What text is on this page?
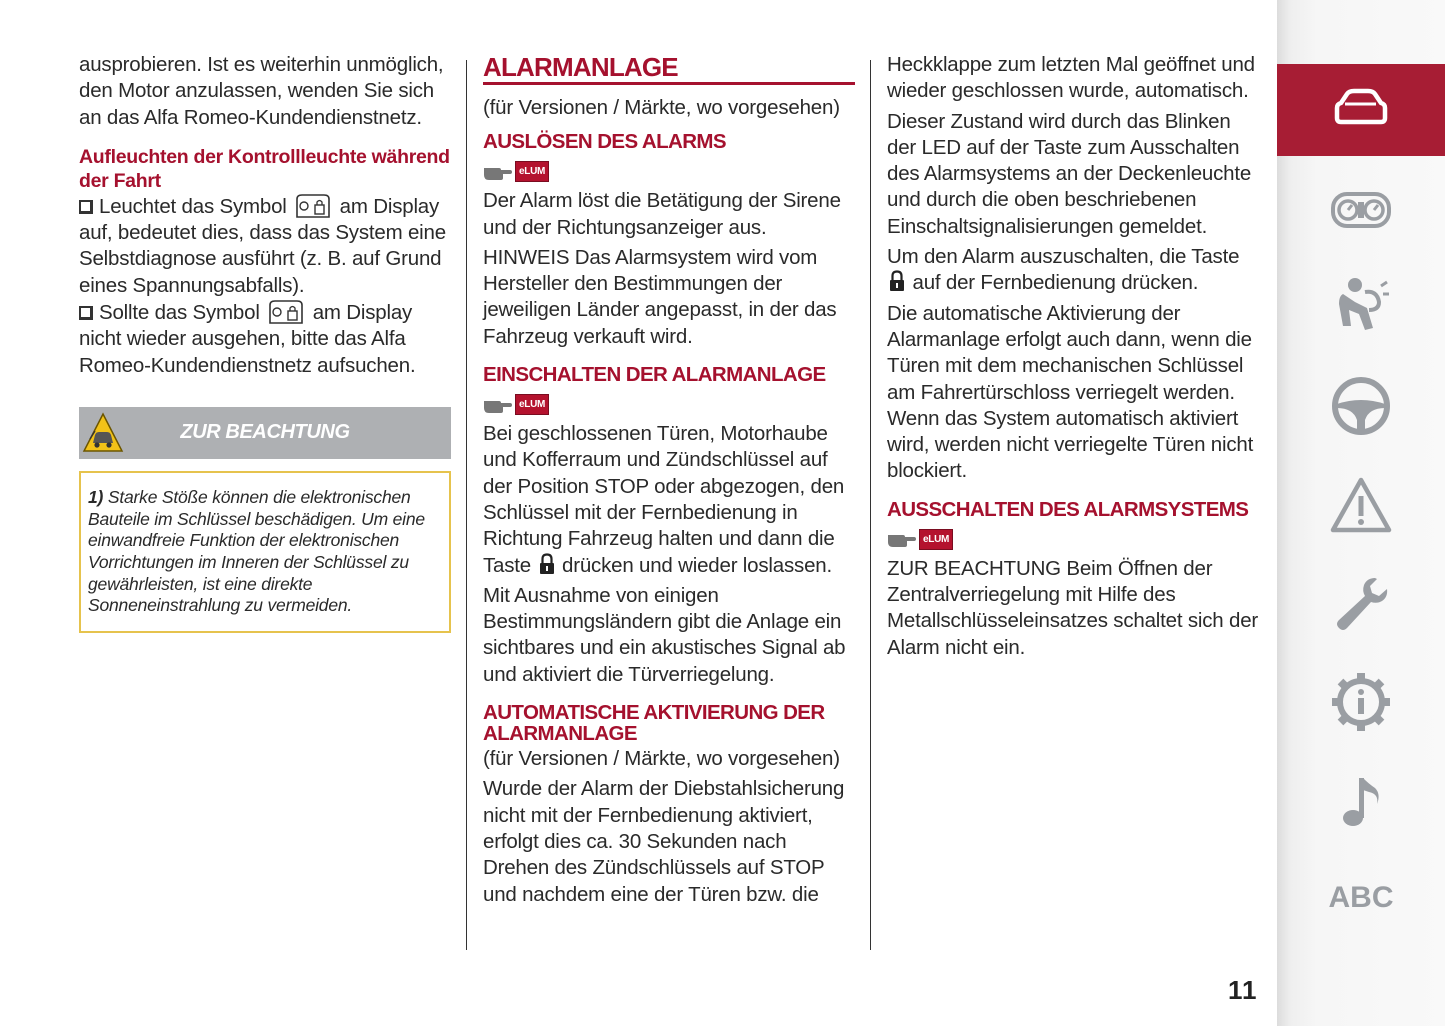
ausprobieren. Ist es weiterhin unmöglich, den Motor anzulassen, wenden Sie sich an das Alfa Romeo-Kundendienstnetz.

Aufleuchten der Kontrollleuchte während der Fahrt

Leuchtet das Symbol	am Display auf, bedeutet dies, dass das System eine Selbstdiagnose ausführt (z. B. auf Grund eines Spannungsabfalls).

Sollte das Symbol	am Display nicht wieder ausgehen, bitte das Alfa Romeo-Kundendienstnetz aufsuchen.

ZUR BEACHTUNG
1) Starke Stöße können die elektronischen Bauteile im Schlüssel beschädigen. Um eine einwandfreie Funktion der elektronischen Vorrichtungen im Inneren der Schlüssel zu gewährleisten, ist eine direkte Sonneneinstrahlung zu vermeiden.
ALARMANLAGE

(für Versionen / Märkte, wo vorgesehen)

AUSLÖSEN DES ALARMS
eLUM

Der Alarm löst die Betätigung der Sirene und der Richtungsanzeiger aus.

HINWEIS Das Alarmsystem wird vom Hersteller den Bestimmungen der jeweiligen Länder angepasst, in der das Fahrzeug verkauft wird.

EINSCHALTEN DER ALARMANLAGE
eLUM

Bei geschlossenen Türen, Motorhaube und Kofferraum und Zündschlüssel auf der Position STOP oder abgezogen, den Schlüssel mit der Fernbedienung in Richtung Fahrzeug halten und dann die Taste drücken und wieder loslassen.

Mit Ausnahme von einigen Bestimmungsländern gibt die Anlage ein sichtbares und ein akustisches Signal ab und aktiviert die Türverriegelung.

AUTOMATISCHE AKTIVIERUNG DER ALARMANLAGE

(für Versionen / Märkte, wo vorgesehen)

Wurde der Alarm der Diebstahlsicherung nicht mit der Fernbedienung aktiviert, erfolgt dies ca. 30 Sekunden nach Drehen des Zündschlüssels auf STOP und nachdem eine der Türen bzw. die

Heckklappe zum letzten Mal geöffnet und wieder geschlossen wurde, automatisch.

Dieser Zustand wird durch das Blinken der LED auf der Taste zum Ausschalten des Alarmsystems an der Deckenleuchte und durch die oben beschriebenen Einschaltsignalisierungen gemeldet.

Um den Alarm auszuschalten, die Taste  auf der Fernbedienung drücken.

Die automatische Aktivierung der Alarmanlage erfolgt auch dann, wenn die Türen mit dem mechanischen Schlüssel am Fahrertürschloss verriegelt werden. Wenn das System automatisch aktiviert wird, werden nicht verriegelte Türen nicht blockiert.

AUSSCHALTEN DES ALARMSYSTEMS
eLUM

ZUR BEACHTUNG Beim Öffnen der Zentralverriegelung mit Hilfe des Metallschlüsseleinsatzes schaltet sich der Alarm nicht ein.

ABC
11
